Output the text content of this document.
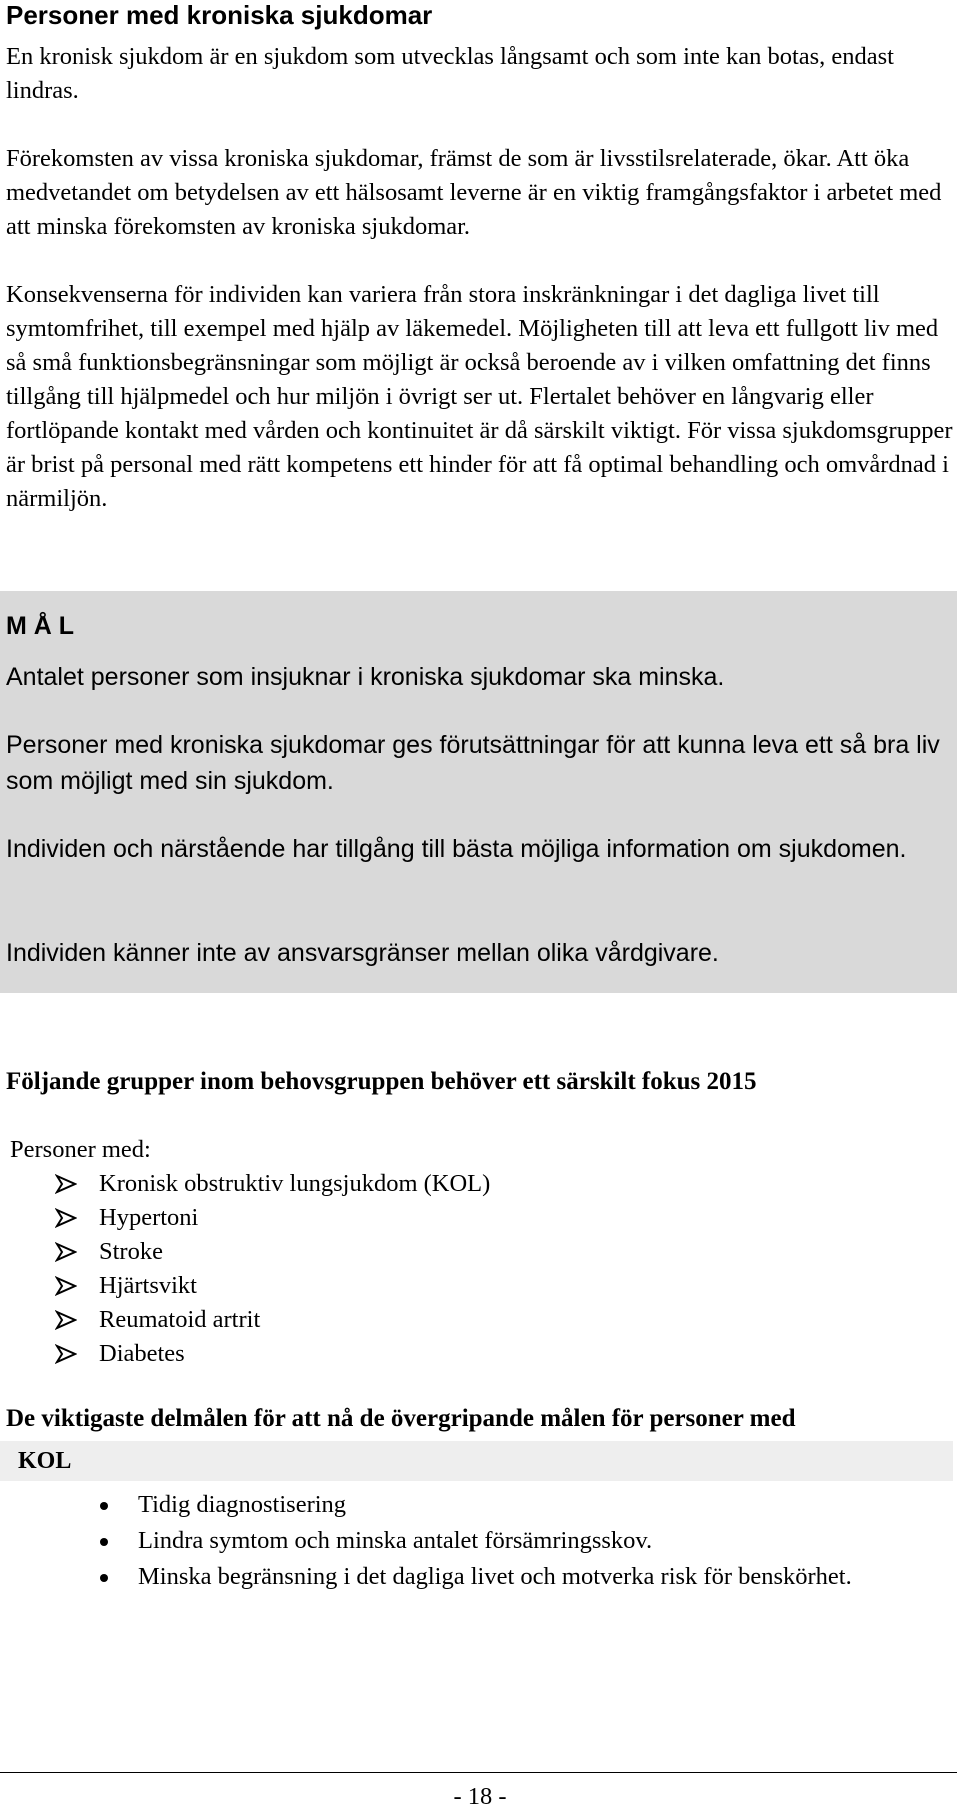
Personer med kroniska sjukdomar

En kronisk sjukdom är en sjukdom som utvecklas långsamt och som inte kan botas, endast lindras.

Förekomsten av vissa kroniska sjukdomar, främst de som är livsstilsrelaterade, ökar. Att öka medvetandet om betydelsen av ett hälsosamt leverne är en viktig framgångsfaktor i arbetet med att minska förekomsten av kroniska sjukdomar.

Konsekvenserna för individen kan variera från stora inskränkningar i det dagliga livet till symtomfrihet, till exempel med hjälp av läkemedel. Möjligheten till att leva ett fullgott liv med så små funktionsbegränsningar som möjligt är också beroende av i vilken omfattning det finns tillgång till hjälpmedel och hur miljön i övrigt ser ut. Flertalet behöver en långvarig eller fortlöpande kontakt med vården och kontinuitet är då särskilt viktigt. För vissa sjukdomsgrupper är brist på personal med rätt kompetens ett hinder för att få optimal behandling och omvårdnad i närmiljön.

M Å L

Antalet personer som insjuknar i kroniska sjukdomar ska minska.

Personer med kroniska sjukdomar ges förutsättningar för att kunna leva ett så bra liv som möjligt med sin sjukdom.

Individen och närstående har tillgång till bästa möjliga information om sjukdomen.

Individen känner inte av ansvarsgränser mellan olika vårdgivare.

Följande grupper inom behovsgruppen behöver ett särskilt fokus 2015

Personer med:
Kronisk obstruktiv lungsjukdom (KOL)
Hypertoni
Stroke
Hjärtsvikt
Reumatoid artrit
Diabetes

De viktigaste delmålen för att nå de övergripande målen för personer med

KOL
Tidig diagnostisering
Lindra symtom och minska antalet försämringsskov.
Minska begränsning i det dagliga livet och motverka risk för benskörhet.
- 18 -
